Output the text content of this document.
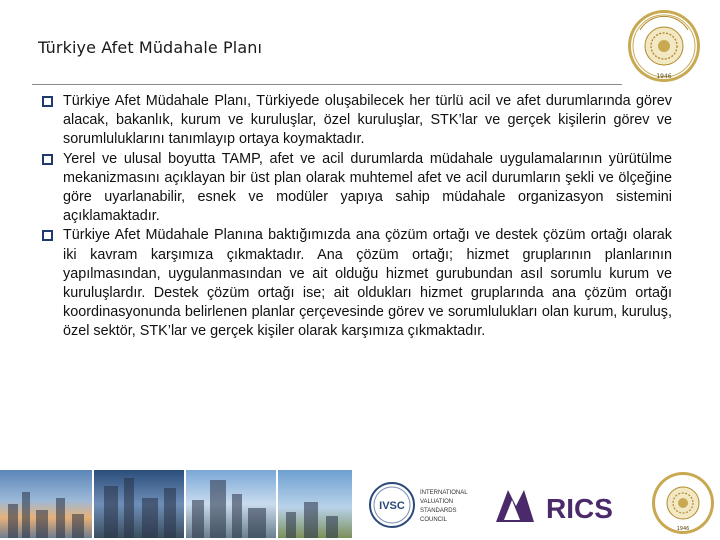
Türkiye Afet Müdahale Planı
1946
Türkiye Afet Müdahale Planı, Türkiyede oluşabilecek her türlü acil ve afet durumlarında görev alacak, bakanlık, kurum ve kuruluşlar, özel kuruluşlar, STK’lar ve gerçek kişilerin görev ve sorumluluklarını tanımlayıp ortaya koymaktadır.
Yerel ve ulusal boyutta TAMP, afet ve acil durumlarda müdahale uygulamalarının yürütülme mekanizmasını açıklayan bir üst plan olarak muhtemel afet ve acil durumların şekli ve ölçeğine göre uyarlanabilir, esnek ve modüler yapıya sahip müdahale organizasyon sistemini açıklamaktadır.
Türkiye Afet Müdahale Planına baktığımızda ana çözüm ortağı ve destek çözüm ortağı olarak iki kavram karşımıza çıkmaktadır. Ana çözüm ortağı; hizmet gruplarının planlarının yapılmasından, uygulanmasından ve ait olduğu hizmet gurubundan asıl sorumlu kurum ve kuruluşlardır. Destek çözüm ortağı ise; ait oldukları hizmet gruplarında ana çözüm ortağı koordinasyonunda belirlenen planlar çerçevesinde görev ve sorumlulukları olan kurum, kuruluş, özel sektör, STK’lar ve gerçek kişiler olarak karşımıza çıkmaktadır.
IVSC
INTERNATIONAL
VALUATION
STANDARDS
COUNCIL	RICS
1946
